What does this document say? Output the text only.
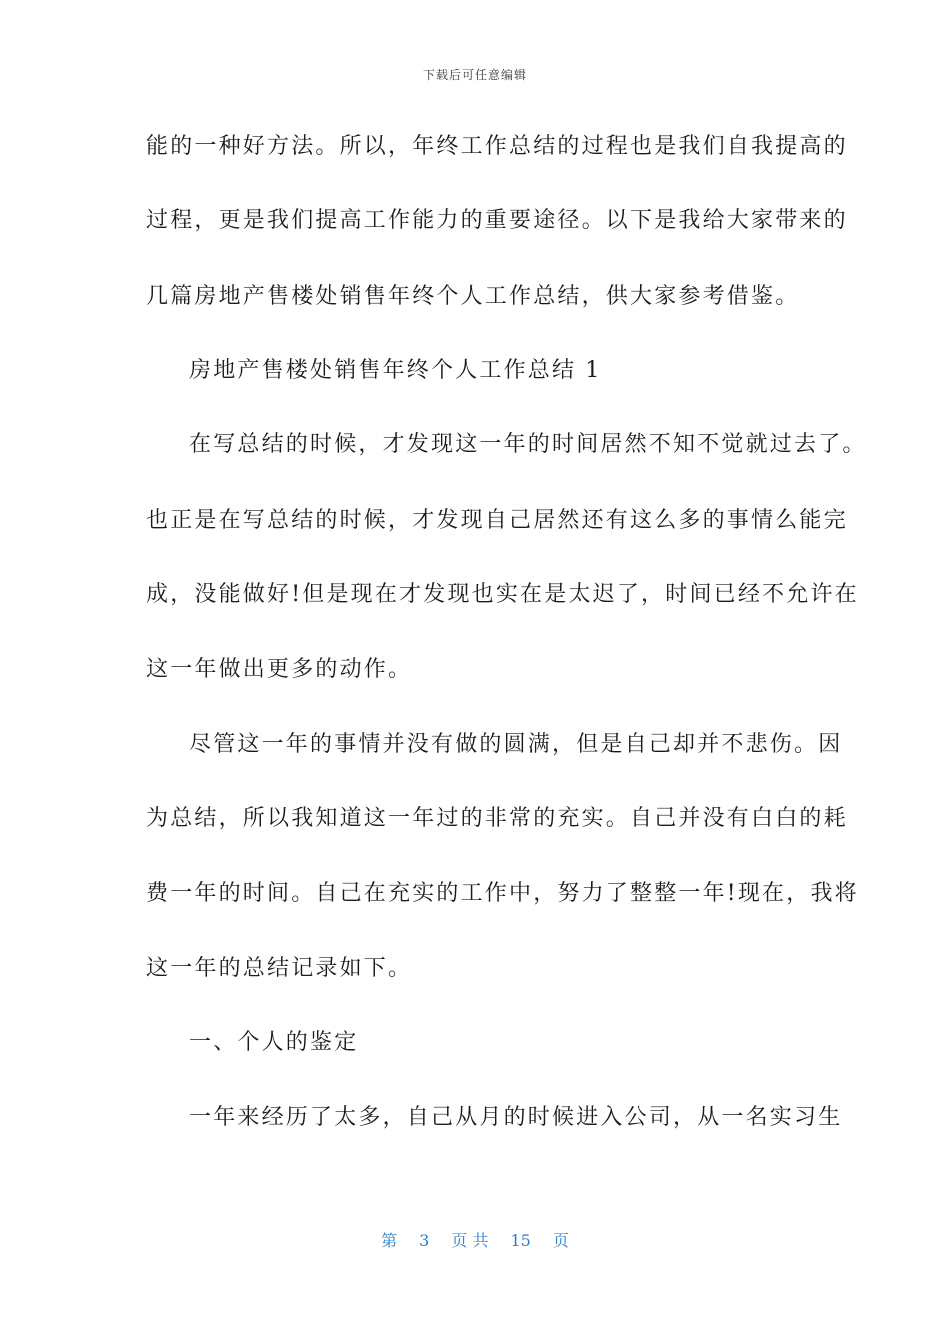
下载后可任意编辑
能的一种好方法。所以，年终工作总结的过程也是我们自我提高的
过程，更是我们提高工作能力的重要途径。以下是我给大家带来的
几篇房地产售楼处销售年终个人工作总结，供大家参考借鉴。
房地产售楼处销售年终个人工作总结 1
在写总结的时候，才发现这一年的时间居然不知不觉就过去了。
也正是在写总结的时候，才发现自己居然还有这么多的事情么能完
成，没能做好!但是现在才发现也实在是太迟了，时间已经不允许在
这一年做出更多的动作。
尽管这一年的事情并没有做的圆满，但是自己却并不悲伤。因
为总结，所以我知道这一年过的非常的充实。自己并没有白白的耗
费一年的时间。自己在充实的工作中，努力了整整一年!现在，我将
这一年的总结记录如下。
一、个人的鉴定
一年来经历了太多，自己从月的时候进入公司，从一名实习生
第 3 页 共 15 页
